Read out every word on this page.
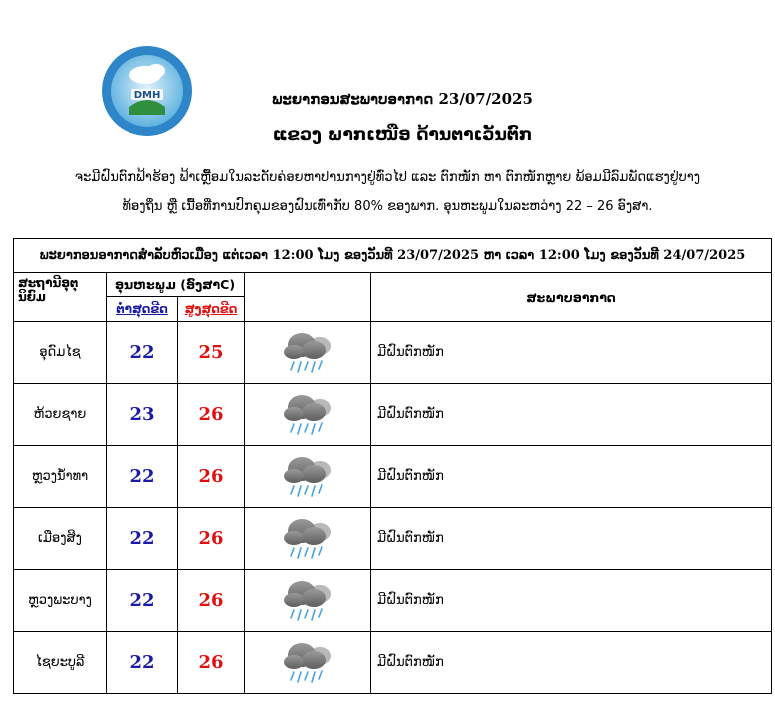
DMH	ພະຍາກອນສະພາບອາກາດ 23/07/2025
ແຂວງ ພາກເໜືອ ດ້ານຕາເວັນຕົກ
ຈະມີຝົນຕົກຟ້າຮ້ອງ ຟ້າເຫຼື້ອມໃນລະດັບຄ່ອຍຫາປານກາງຢູ່ທົ່ວໄປ ແລະ ຕົກໜັກ ຫາ ຕົກໜັກຫຼາຍ ພ້ອມມີລົມພັດແຮງຢູ່ບາງ
ທ້ອງຖິ່ນ ຫຼື ເນື້ອທີ່ການປົກຄຸມຂອງຝົນເທົ່າກັບ 80% ຂອງພາກ. ອຸນຫະພູມໃນລະຫວ່າງ 22 – 26 ອົງສາ.
ພະຍາກອນອາກາດສຳລັບຫົວເມືອງ ແຕ່ເວລາ 12:00 ໂມງ ຂອງວັນທີ 23/07/2025 ຫາ ເວລາ 12:00 ໂມງ ຂອງວັນທີ 24/07/2025				
ສະຖານີອຸຕຸນິຍົມ	ອຸນຫະພູມ (ອົງສາC)			ສະພາບອາກາດ
	ຕ່ຳສຸດຂີດ	ສູງສຸດຂີດ		
ອຸດົມໄຊ	22	25		ມີຝົນຕົກໜັກ
ຫ້ວຍຊາຍ	23	26		ມີຝົນຕົກໜັກ
ຫຼວງນ້ຳທາ	22	26		ມີຝົນຕົກໜັກ
ເມືອງສິງ	22	26		ມີຝົນຕົກໜັກ
ຫຼວງພະບາງ	22	26		ມີຝົນຕົກໜັກ
ໄຊຍະບູລີ	22	26		ມີຝົນຕົກໜັກ
